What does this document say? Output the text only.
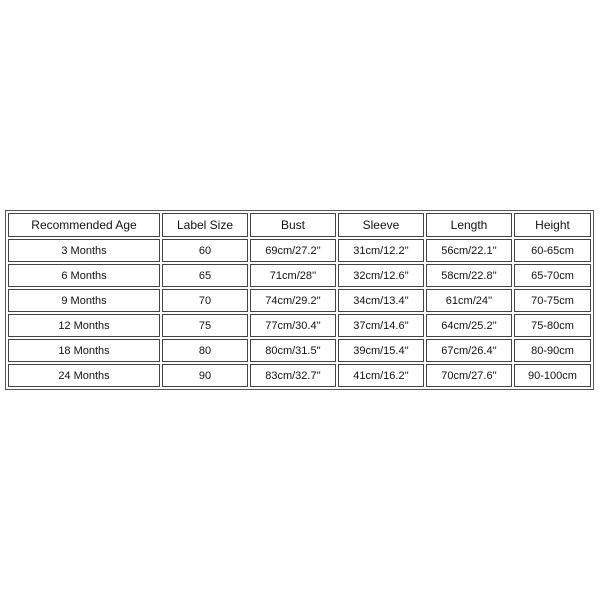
Recommended Age	Label Size	Bust	Sleeve	Length	Height
3 Months	60	69cm/27.2''	31cm/12.2''	56cm/22.1''	60-65cm
6 Months	65	71cm/28''	32cm/12.6''	58cm/22.8''	65-70cm
9 Months	70	74cm/29.2''	34cm/13.4''	61cm/24''	70-75cm
12 Months	75	77cm/30.4''	37cm/14.6''	64cm/25.2''	75-80cm
18 Months	80	80cm/31.5''	39cm/15.4''	67cm/26.4''	80-90cm
24 Months	90	83cm/32.7''	41cm/16.2''	70cm/27.6''	90-100cm
